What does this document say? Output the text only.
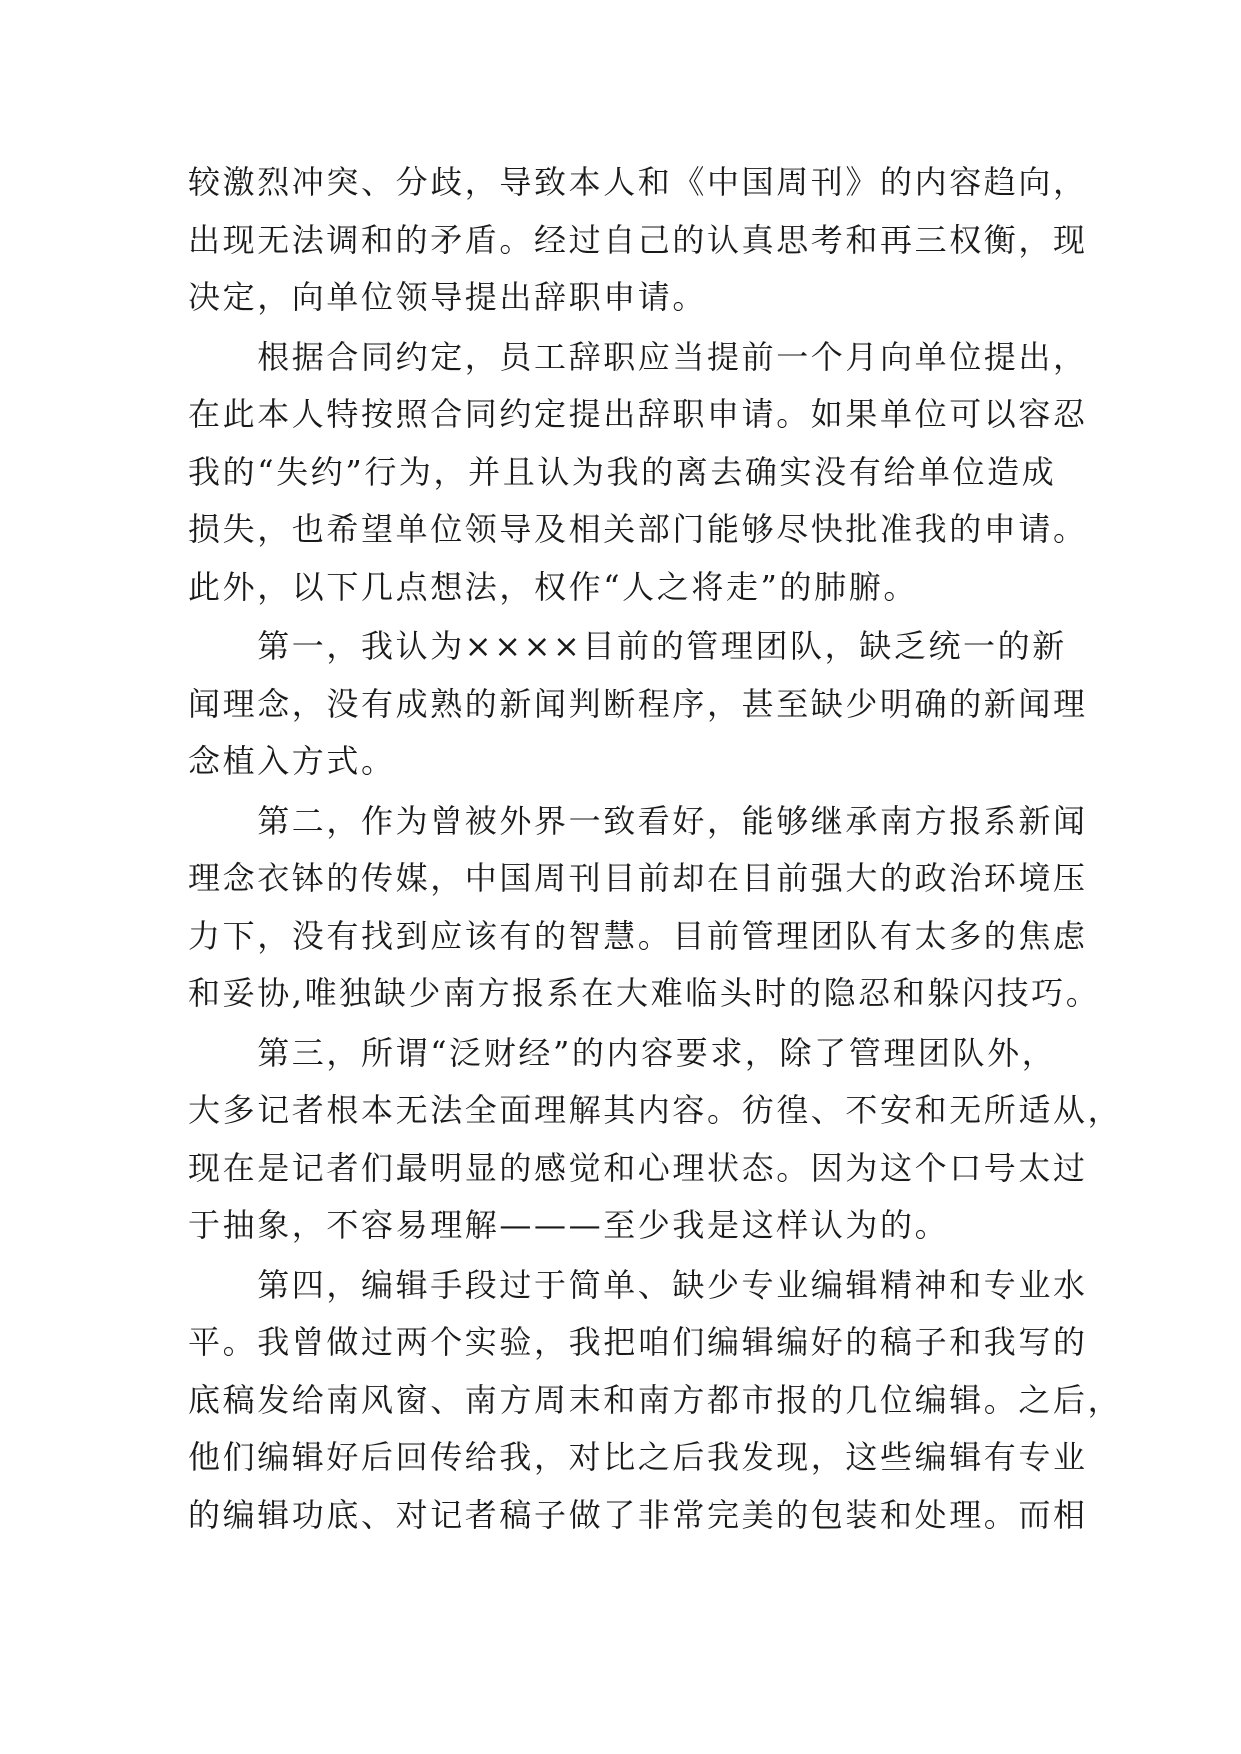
较激烈冲突、分歧，导致本人和《中国周刊》的内容趋向，
出现无法调和的矛盾。经过自己的认真思考和再三权衡，现
决定，向单位领导提出辞职申请。
　　根据合同约定，员工辞职应当提前一个月向单位提出，
在此本人特按照合同约定提出辞职申请。如果单位可以容忍
我的“失约”行为，并且认为我的离去确实没有给单位造成
损失，也希望单位领导及相关部门能够尽快批准我的申请。
此外，以下几点想法，权作“人之将走”的肺腑。
　　第一，我认为××××目前的管理团队，缺乏统一的新
闻理念，没有成熟的新闻判断程序，甚至缺少明确的新闻理
念植入方式。
　　第二，作为曾被外界一致看好，能够继承南方报系新闻
理念衣钵的传媒，中国周刊目前却在目前强大的政治环境压
力下，没有找到应该有的智慧。目前管理团队有太多的焦虑
和妥协,唯独缺少南方报系在大难临头时的隐忍和躲闪技巧。
　　第三，所谓“泛财经”的内容要求，除了管理团队外，
大多记者根本无法全面理解其内容。彷徨、不安和无所适从，
现在是记者们最明显的感觉和心理状态。因为这个口号太过
于抽象，不容易理解———至少我是这样认为的。
　　第四，编辑手段过于简单、缺少专业编辑精神和专业水
平。我曾做过两个实验，我把咱们编辑编好的稿子和我写的
底稿发给南风窗、南方周末和南方都市报的几位编辑。之后，
他们编辑好后回传给我，对比之后我发现，这些编辑有专业
的编辑功底、对记者稿子做了非常完美的包装和处理。而相
